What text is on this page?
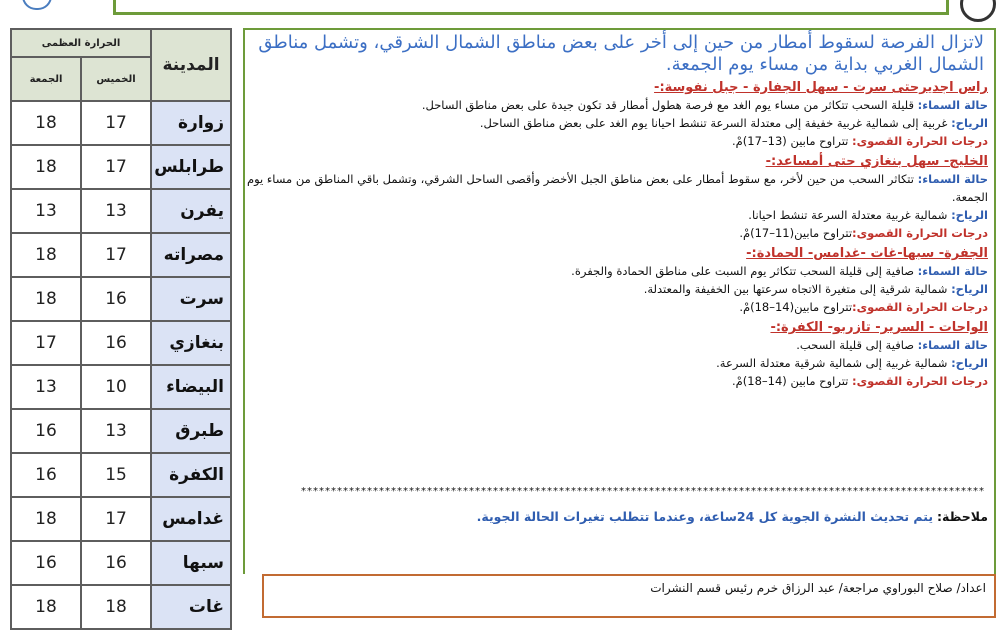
الحرارة العظمى		المدينة
الجمعة	الخميس	
18	17	زوارة
18	17	طرابلس
13	13	يفرن
18	17	مصراته
18	16	سرت
17	16	بنغازي
13	10	البيضاء
16	13	طبرق
16	15	الكفرة
18	17	غدامس
16	16	سبها
18	18	غات
لاتزال الفرصة لسقوط أمطار من حين إلى أخر على بعض مناطق الشمال الشرقي، وتشمل مناطق الشمال الغربي بداية من مساء يوم الجمعة.
راس اجديرحتى سرت - سهل الجفارة - جبل نفوسة:-
حالة السماء: قليلة السحب تتكاثر من مساء يوم الغد مع فرصة هطول أمطار قد تكون جيدة على بعض مناطق الساحل.
الرياح: غربية إلى شمالية غربية خفيفة إلى معتدلة السرعة تنشط احيانا يوم الغد على بعض مناطق الساحل.
درجات الحرارة القصوى: تتراوح مابين (13–17)مْ.
الخليج- سهل بنغازي حتى أمساعد:-
حالة السماء: تتكاثر السحب من حين لأخر، مع سقوط أمطار على بعض مناطق الجبل الأخضر وأقصى الساحل الشرقي، وتشمل باقي المناطق من مساء يوم الجمعة.
الرياح: شمالية غربية معتدلة السرعة تنشط احيانا.
درجات الحرارة القصوى:تتراوح مابين(11–17)مْ.
الجفرة- سبها-غات -غدامس- الحمادة:-
حالة السماء: صافية إلى قليلة السحب تتكاثر يوم السبت على مناطق الحمادة والجفرة.
الرياح: شمالية شرقية إلى متغيرة الاتجاه سرعتها بين الخفيفة والمعتدلة.
درجات الحرارة القصوى:تتراوح مابين(14–18)مْ.
الواحات - السرير- تازربو- الكفرة:-
حالة السماء: صافية إلى قليلة السحب.
الرياح: شمالية غربية إلى شمالية شرقية معتدلة السرعة.
درجات الحرارة القصوى: تتراوح مابين (14–18)مْ.
******************************************************************************************************************
ملاحظة: يتم تحديث النشرة الجوية كل 24ساعة، وعندما تتطلب تغيرات الحالة الجوية.
اعداد/ صلاح البوراوي مراجعة/ عبد الرزاق خرم رئيس قسم النشرات
